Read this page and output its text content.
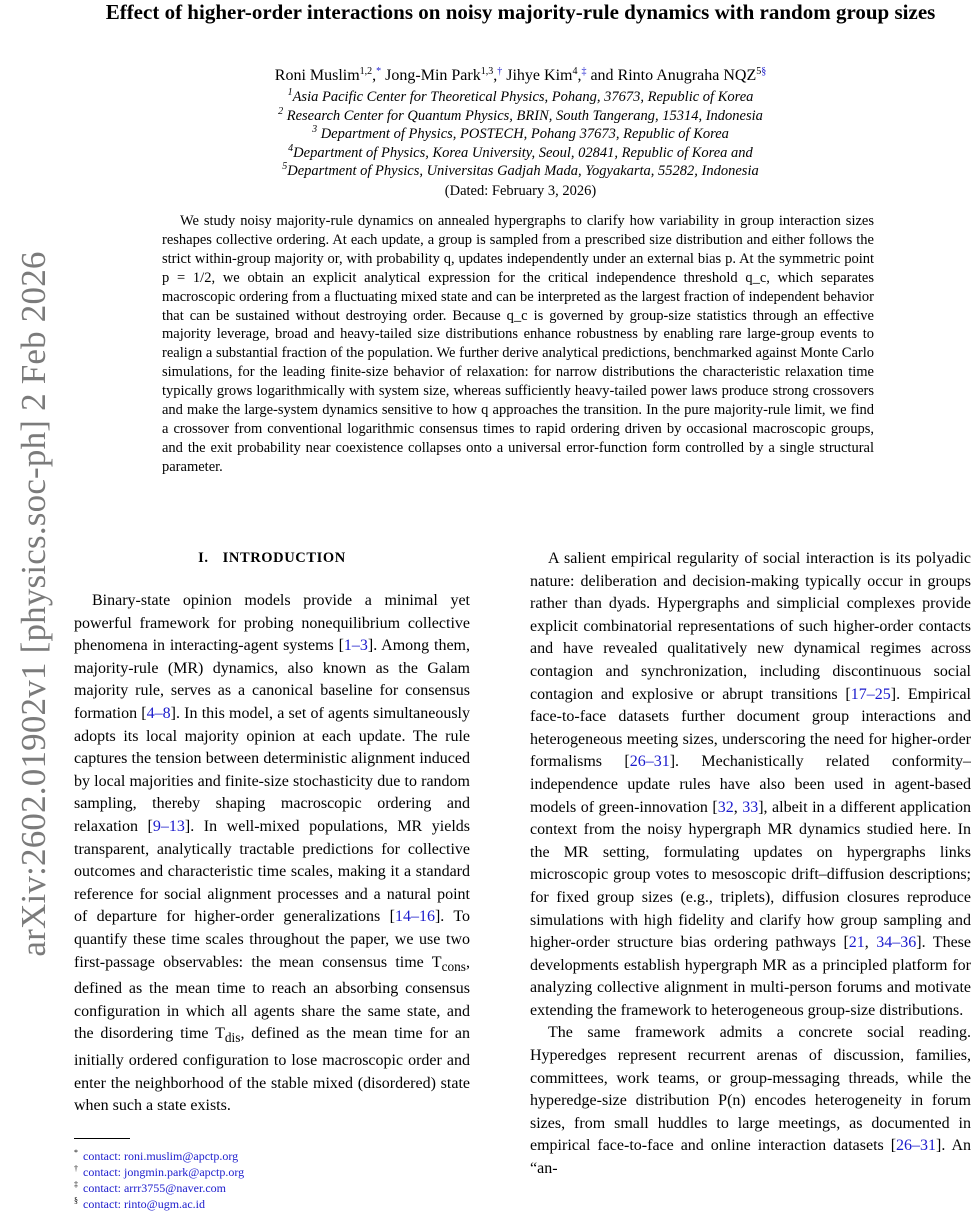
arXiv:2602.01902v1 [physics.soc-ph] 2 Feb 2026
Effect of higher-order interactions on noisy majority-rule dynamics with random group sizes
Roni Muslim$^{1,2}$,* Jong-Min Park$^{1,3}$,† Jihye Kim$^4$,‡ and Rinto Anugraha $NQZ^{5\S}$
$^1$Asia Pacific Center for Theoretical Physics, Pohang, 37673, Republic of Korea
$^2$ Research Center for Quantum Physics, BRIN, South Tangerang, 15314, Indonesia
$^3$ Department of Physics, POSTECH, Pohang 37673, Republic of Korea
$^4$Department of Physics, Korea University, Seoul, 02841, Republic of Korea and
$^5$Department of Physics, Universitas Gadjah Mada, Yogyakarta, 55282, Indonesia
(Dated: February 3, 2026)

We study noisy majority-rule dynamics on annealed hypergraphs to clarify how variability in group interaction sizes reshapes collective ordering. At each update, a group is sampled from a prescribed size distribution and either follows the strict within-group majority or, with probability q, updates independently under an external bias p. At the symmetric point p = 1/2, we obtain an explicit analytical expression for the critical independence threshold q_c, which separates macroscopic ordering from a fluctuating mixed state and can be interpreted as the largest fraction of independent behavior that can be sustained without destroying order. Because q_c is governed by group-size statistics through an effective majority leverage, broad and heavy-tailed size distributions enhance robustness by enabling rare large-group events to realign a substantial fraction of the population. We further derive analytical predictions, benchmarked against Monte Carlo simulations, for the leading finite-size behavior of relaxation: for narrow distributions the characteristic relaxation time typically grows logarithmically with system size, whereas sufficiently heavy-tailed power laws produce strong crossovers and make the large-system dynamics sensitive to how q approaches the transition. In the pure majority-rule limit, we find a crossover from conventional logarithmic consensus times to rapid ordering driven by occasional macroscopic groups, and the exit probability near coexistence collapses onto a universal error-function form controlled by a single structural parameter.

I. INTRODUCTION

Binary-state opinion models provide a minimal yet powerful framework for probing nonequilibrium collective phenomena in interacting-agent systems [1–3]. Among them, majority-rule (MR) dynamics, also known as the Galam majority rule, serves as a canonical baseline for consensus formation [4–8]. In this model, a set of agents simultaneously adopts its local majority opinion at each update. The rule captures the tension between deterministic alignment induced by local majorities and finite-size stochasticity due to random sampling, thereby shaping macroscopic ordering and relaxation [9–13]. In well-mixed populations, MR yields transparent, analytically tractable predictions for collective outcomes and characteristic time scales, making it a standard reference for social alignment processes and a natural point of departure for higher-order generalizations [14–16]. To quantify these time scales throughout the paper, we use two first-passage observables: the mean consensus time $T_{cons}$, defined as the mean time to reach an absorbing consensus configuration in which all agents share the same state, and the disordering time $T_{dis}$, defined as the mean time for an initially ordered configuration to lose macroscopic order and enter the neighborhood of the stable mixed (disordered) state when such a state exists.

A salient empirical regularity of social interaction is its polyadic nature: deliberation and decision-making typically occur in groups rather than dyads. Hypergraphs and simplicial complexes provide explicit combinatorial representations of such higher-order contacts and have revealed qualitatively new dynamical regimes across contagion and synchronization, including discontinuous social contagion and explosive or abrupt transitions [17–25]. Empirical face-to-face datasets further document group interactions and heterogeneous meeting sizes, underscoring the need for higher-order formalisms [26–31]. Mechanistically related conformity–independence update rules have also been used in agent-based models of green-innovation [32, 33], albeit in a different application context from the noisy hypergraph MR dynamics studied here. In the MR setting, formulating updates on hypergraphs links microscopic group votes to mesoscopic drift–diffusion descriptions; for fixed group sizes (e.g., triplets), diffusion closures reproduce simulations with high fidelity and clarify how group sampling and higher-order structure bias ordering pathways [21, 34–36]. These developments establish hypergraph MR as a principled platform for analyzing collective alignment in multi-person forums and motivate extending the framework to heterogeneous group-size distributions.

The same framework admits a concrete social reading. Hyperedges represent recurrent arenas of discussion, families, committees, work teams, or group-messaging threads, while the hyperedge-size distribution P(n) encodes heterogeneity in forum sizes, from small huddles to large meetings, as documented in empirical face-to-face and online interaction datasets [26–31]. An “an-

* contact: roni.muslim@apctp.org
† contact: jongmin.park@apctp.org
‡ contact: arrr3755@naver.com
§ contact: rinto@ugm.ac.id
